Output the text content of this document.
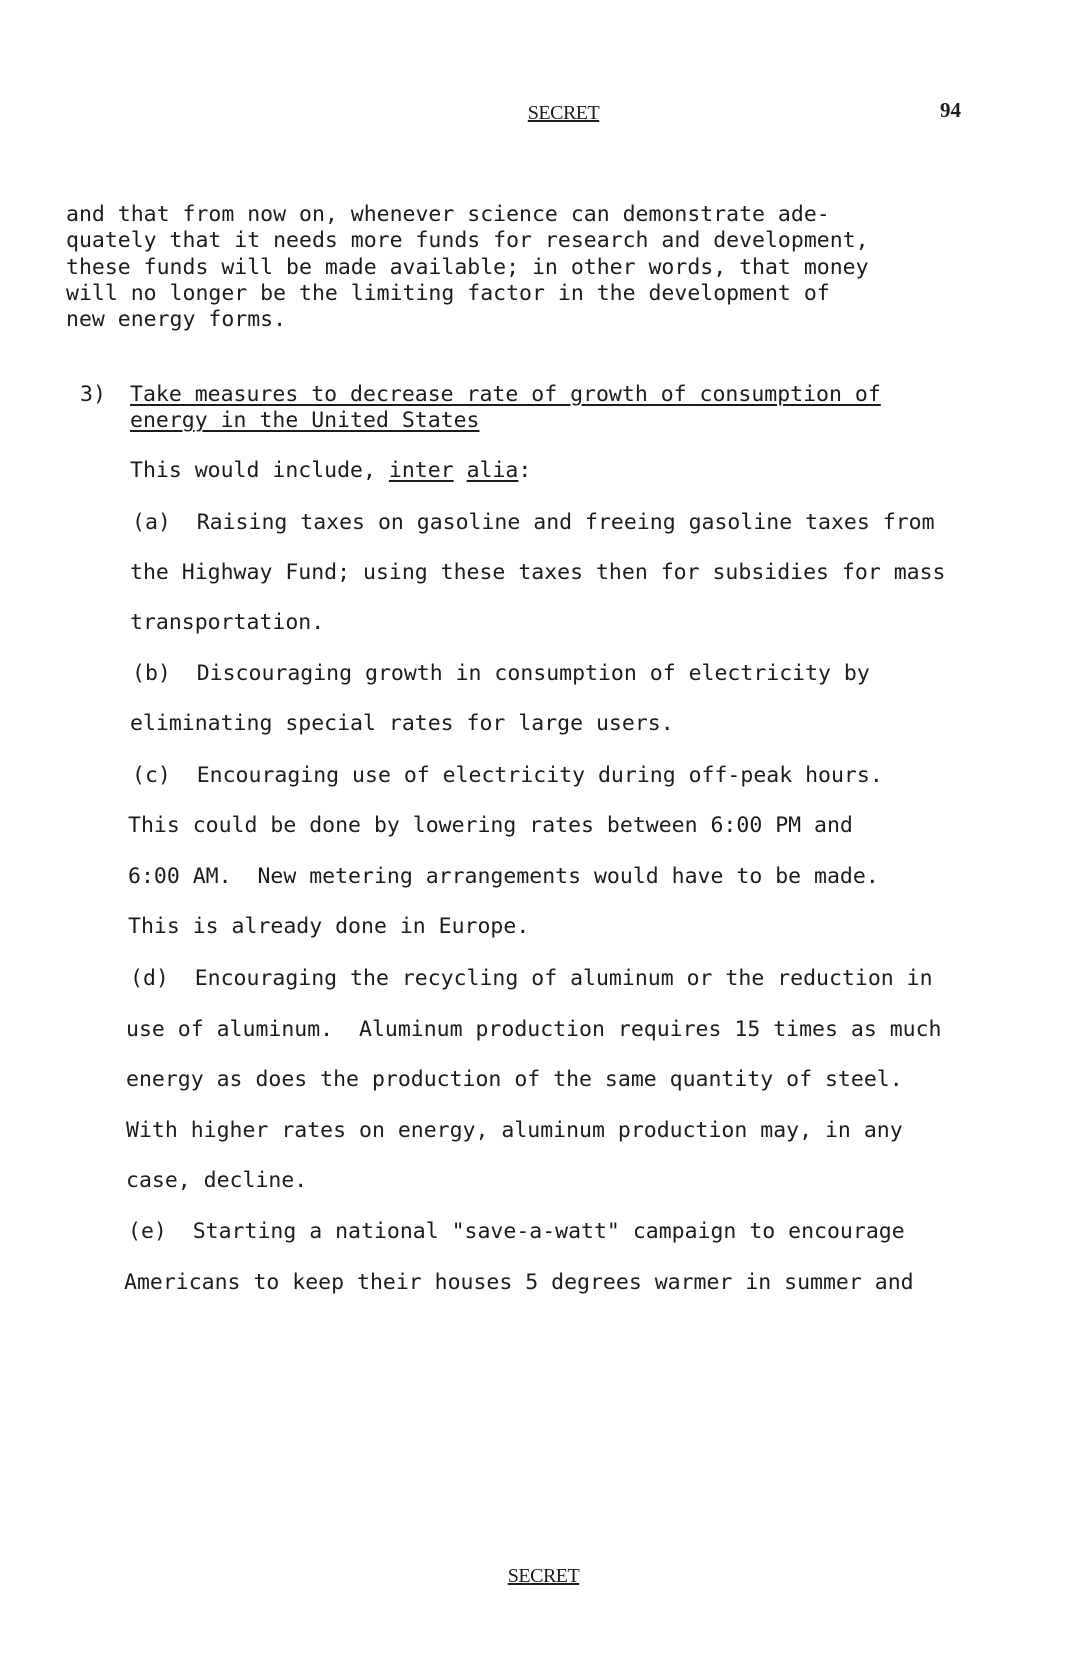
SECRET	94
and that from now on, whenever science can demonstrate ade-
quately that it needs more funds for research and development,
these funds will be made available; in other words, that money
will no longer be the limiting factor in the development of
new energy forms.
3) Take measures to decrease rate of growth of consumption of
energy in the United States
This would include, inter alia:
(a)  Raising taxes on gasoline and freeing gasoline taxes from
the Highway Fund; using these taxes then for subsidies for mass
transportation.
(b)  Discouraging growth in consumption of electricity by
eliminating special rates for large users.
(c)  Encouraging use of electricity during off-peak hours.
This could be done by lowering rates between 6:00 PM and
6:00 AM.  New metering arrangements would have to be made.
This is already done in Europe.
(d)  Encouraging the recycling of aluminum or the reduction in
use of aluminum.  Aluminum production requires 15 times as much
energy as does the production of the same quantity of steel.
With higher rates on energy, aluminum production may, in any
case, decline.
(e)  Starting a national "save-a-watt" campaign to encourage
Americans to keep their houses 5 degrees warmer in summer and
SECRET
